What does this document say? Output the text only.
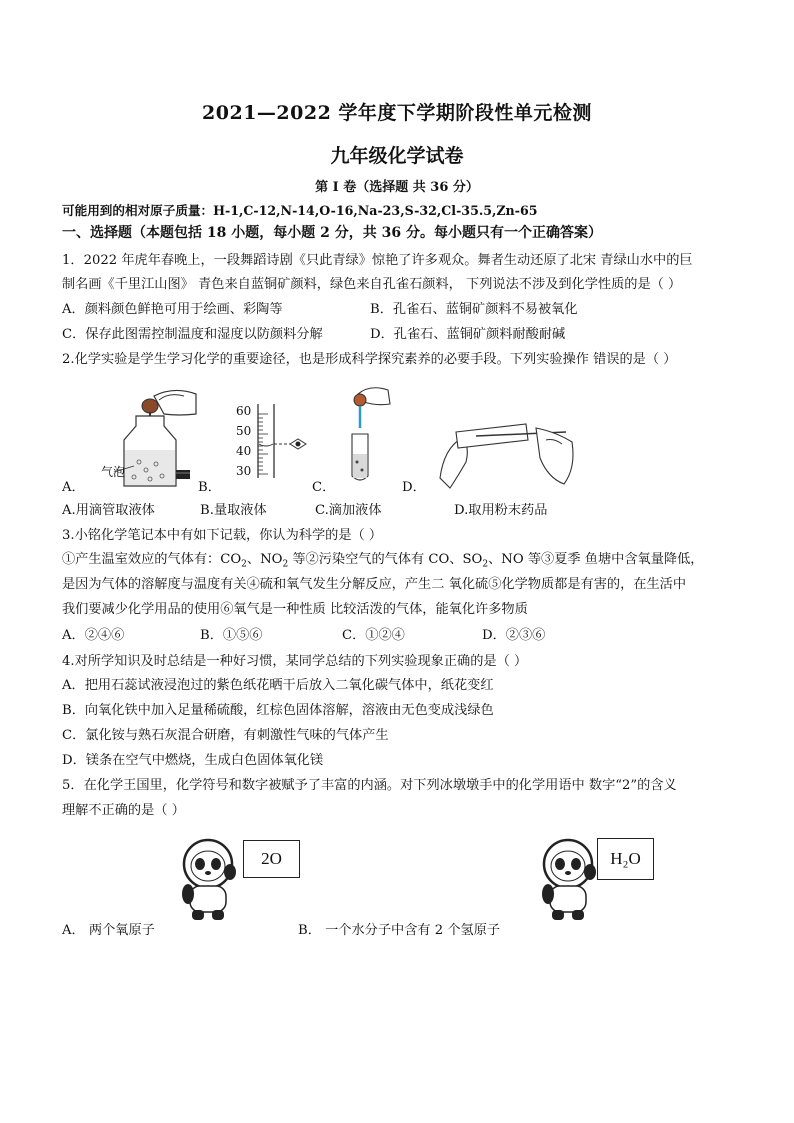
2021—2022 学年度下学期阶段性单元检测
九年级化学试卷
第 I 卷（选择题 共 36 分）
可能用到的相对原子质量：H-1,C-12,N-14,O-16,Na-23,S-32,Cl-35.5,Zn-65
一、选择题（本题包括 18 小题，每小题 2 分，共 36 分。每小题只有一个正确答案）
1．2022 年虎年春晚上，一段舞蹈诗剧《只此青绿》惊艳了许多观众。舞者生动还原了北宋 青绿山水中的巨
制名画《千里江山图》 青色来自蓝铜矿颜料，绿色来自孔雀石颜料， 下列说法不涉及到化学性质的是（ ）
A．颜料颜色鲜艳可用于绘画、彩陶等	B．孔雀石、蓝铜矿颜料不易被氧化
C．保存此图需控制温度和湿度以防颜料分解	D．孔雀石、蓝铜矿颜料耐酸耐碱
2.化学实验是学生学习化学的重要途径，也是形成科学探究素养的必要手段。下列实验操作 错误的是（ ）
气泡
60
50
40
30
A．	B．	C．	D．
A.用滴管取液体	B.量取液体	C.滴加液体	D.取用粉末药品
3.小铭化学笔记本中有如下记载，你认为科学的是（ ）
①产生温室效应的气体有：$CO_2$、$NO_2$ 等②污染空气的气体有 CO、$SO_2$、NO 等③夏季 鱼塘中含氧量降低，
是因为气体的溶解度与温度有关④硫和氧气发生分解反应，产生二 氧化硫⑤化学物质都是有害的，在生活中
我们要减少化学用品的使用⑥氧气是一种性质 比较活泼的气体，能氧化许多物质
A．②④⑥	B．①⑤⑥	C．①②④	D．②③⑥
4.对所学知识及时总结是一种好习惯，某同学总结的下列实验现象正确的是（ ）
A．把用石蕊试液浸泡过的紫色纸花晒干后放入二氧化碳气体中，纸花变红
B．向氧化铁中加入足量稀硫酸，红棕色固体溶解，溶液由无色变成浅绿色
C．氯化铵与熟石灰混合研磨，有刺激性气味的气体产生
D．镁条在空气中燃烧，生成白色固体氧化镁
5．在化学王国里，化学符号和数字被赋予了丰富的内涵。对下列冰墩墩手中的化学用语中 数字“2”的含义
理解不正确的是（ ）
2O	H₂O
A． 两个氧原子	B． 一个水分子中含有 2 个氢原子
